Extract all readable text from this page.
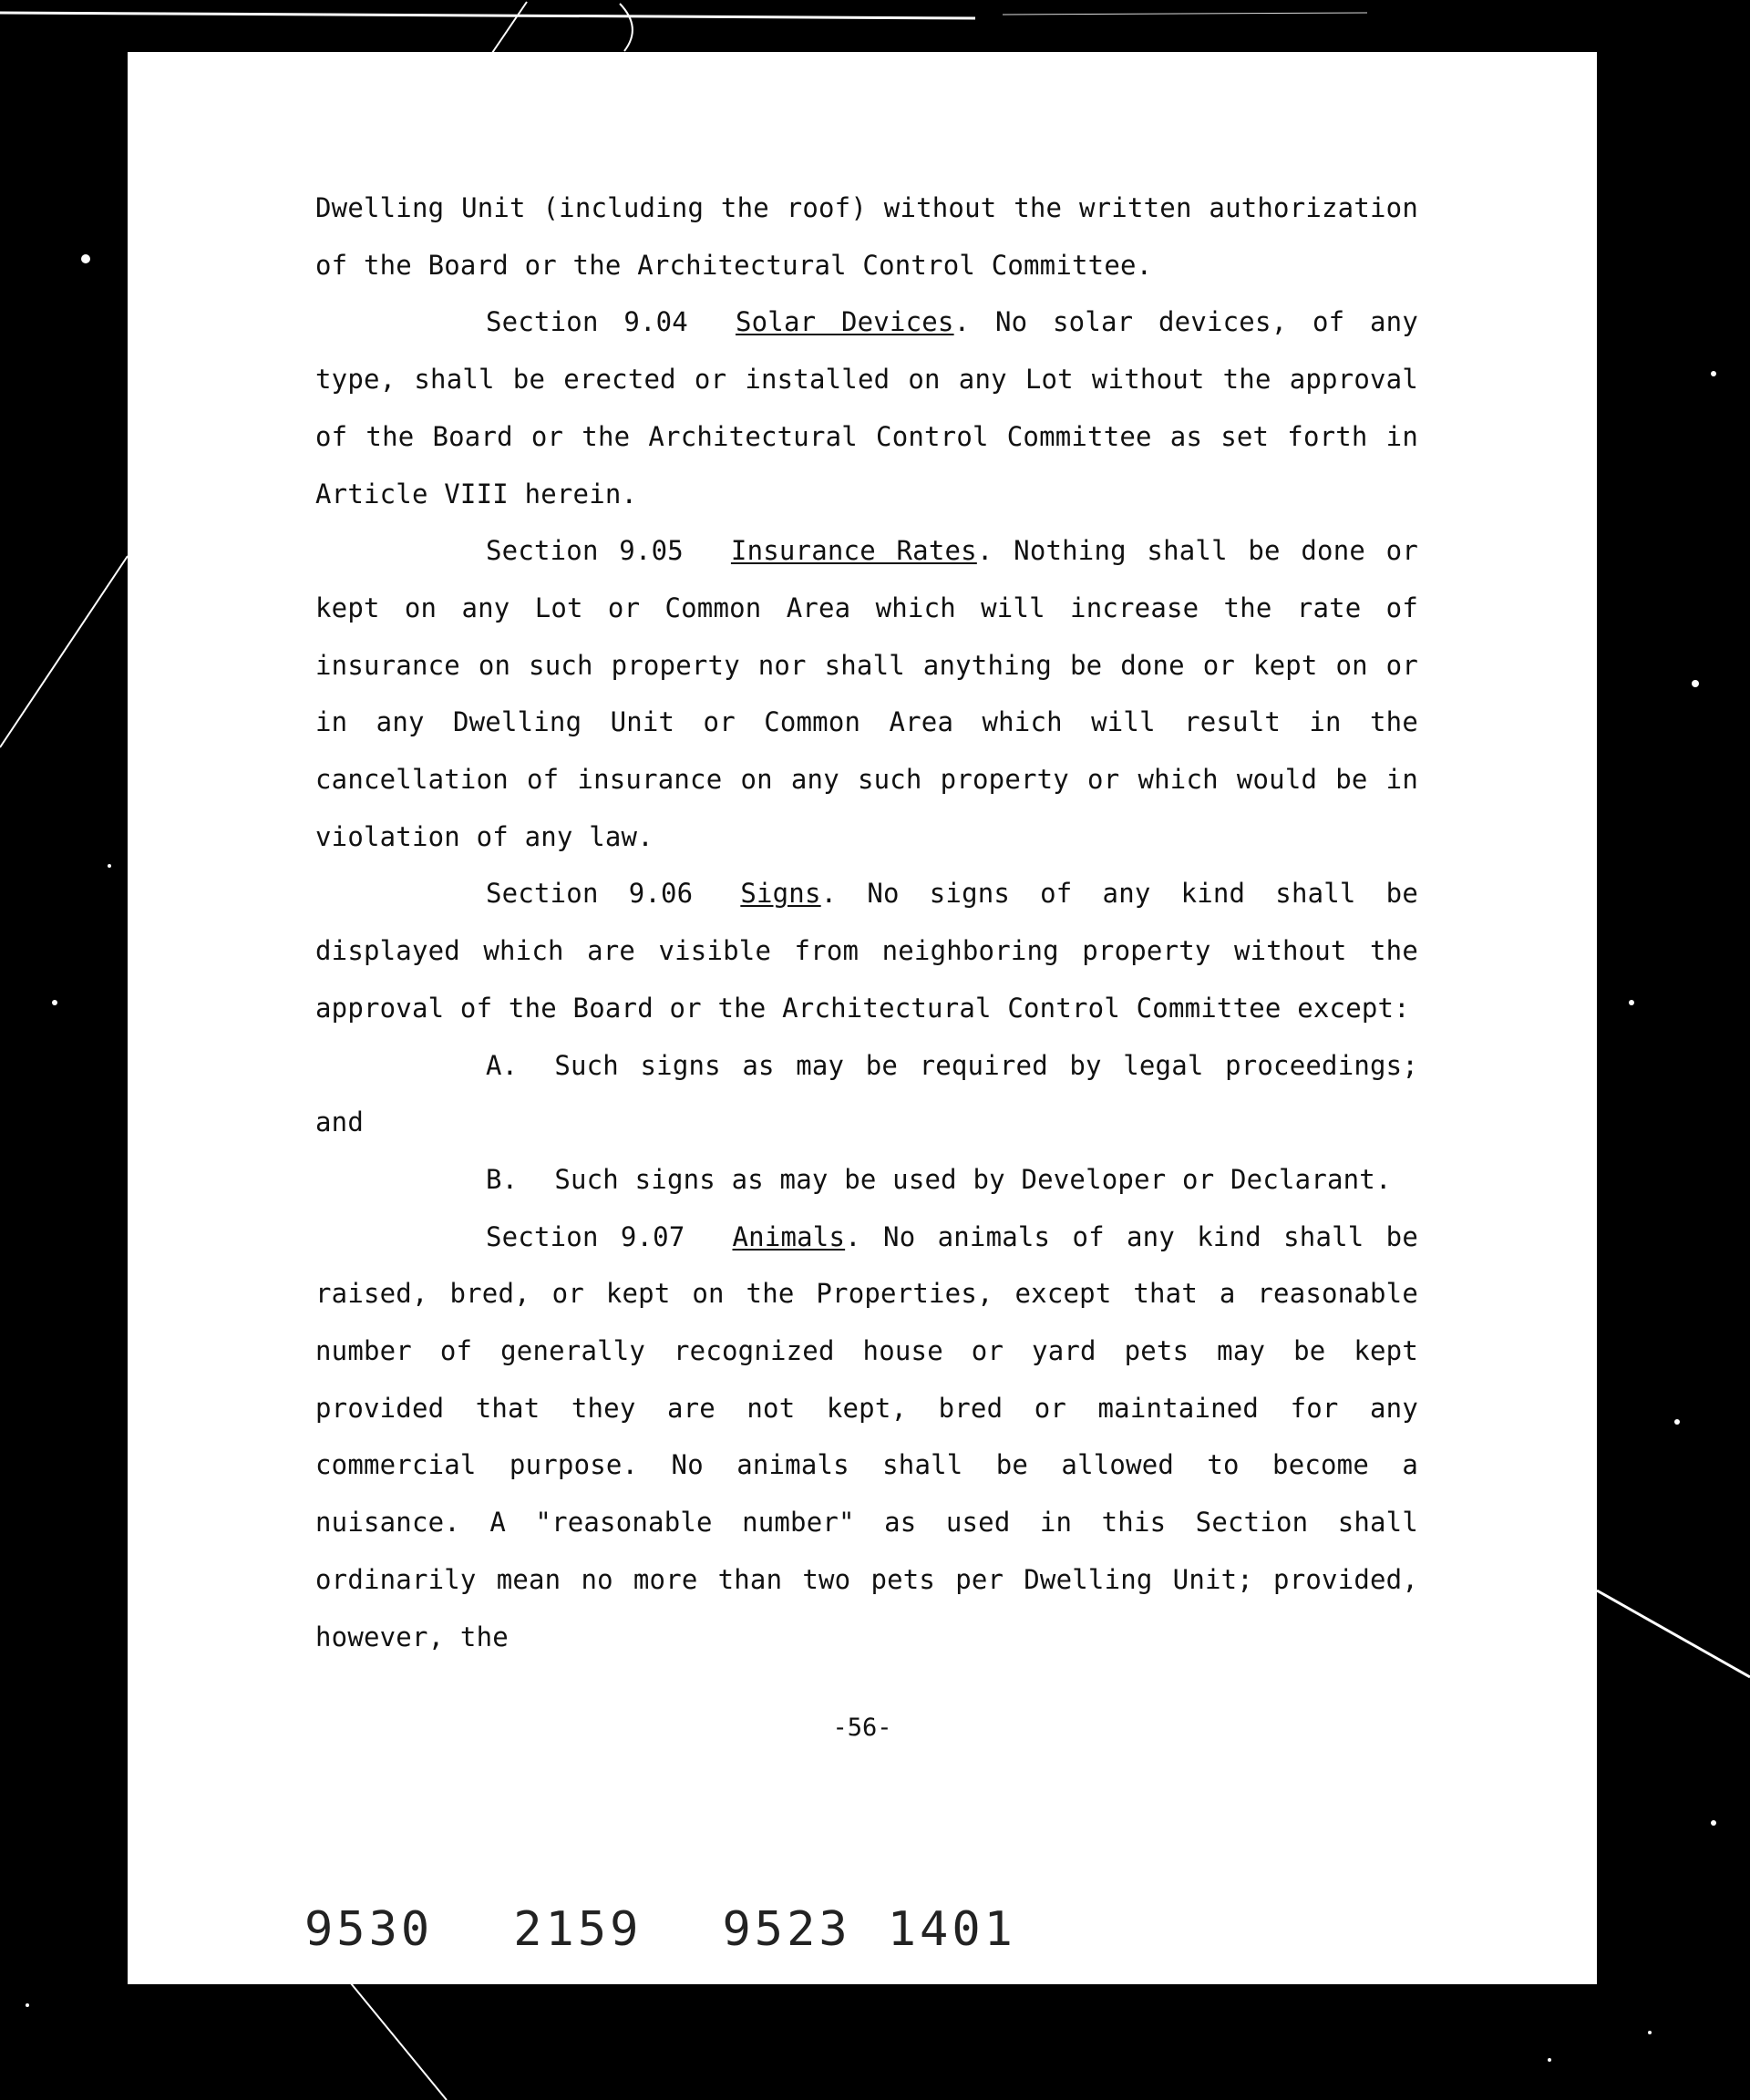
Dwelling Unit (including the roof) without the written authorization of the Board or the Architectural Control Committee.

Section 9.04 Solar Devices. No solar devices, of any type, shall be erected or installed on any Lot without the approval of the Board or the Architectural Control Committee as set forth in Article VIII herein.

Section 9.05 Insurance Rates. Nothing shall be done or kept on any Lot or Common Area which will increase the rate of insurance on such property nor shall anything be done or kept on or in any Dwelling Unit or Common Area which will result in the cancellation of insurance on any such property or which would be in violation of any law.

Section 9.06 Signs. No signs of any kind shall be displayed which are visible from neighboring property without the approval of the Board or the Architectural Control Committee except:

A. Such signs as may be required by legal proceedings; and

B. Such signs as may be used by Developer or Declarant.

Section 9.07 Animals. No animals of any kind shall be raised, bred, or kept on the Properties, except that a reasonable number of generally recognized house or yard pets may be kept provided that they are not kept, bred or maintained for any commercial purpose. No animals shall be allowed to become a nuisance. A "reasonable number" as used in this Section shall ordinarily mean no more than two pets per Dwelling Unit; provided, however, the

-56-
9530 2159 9523 1401
